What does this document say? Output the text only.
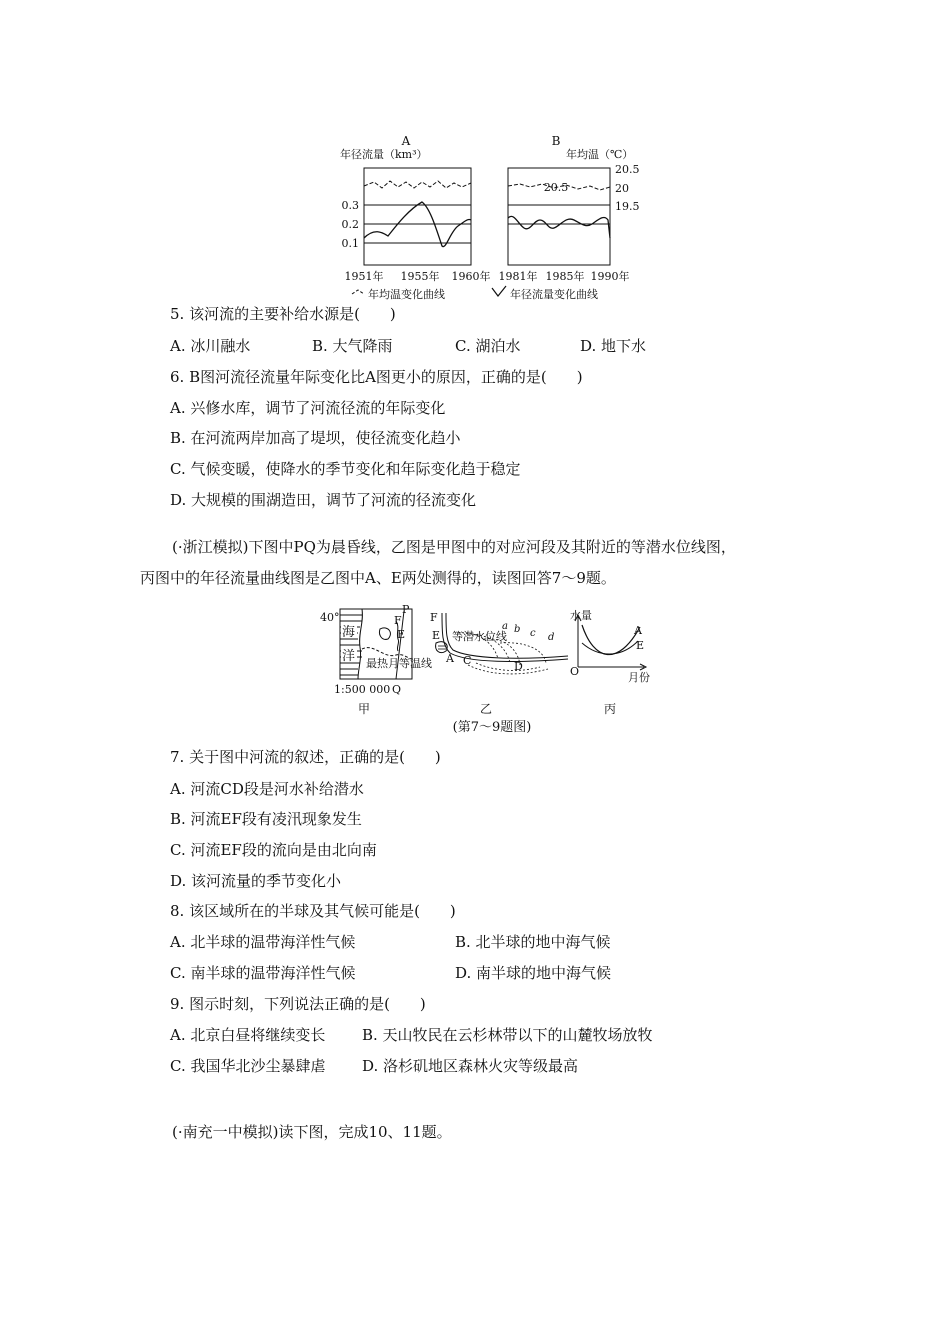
A
年径流量（km³）
0.3
0.2
0.1
1951年 1955年 1960年
B
年均温（℃）
20.5
20.5
20
19.5
1981年 1985年 1990年
年均温变化曲线	年径流量变化曲线
5. 该河流的主要补给水源是(　　)
A. 冰川融水	B. 大气降雨	C. 湖泊水	D. 地下水
6. B图河流径流量年际变化比A图更小的原因，正确的是(　　)
A. 兴修水库，调节了河流径流的年际变化
B. 在河流两岸加高了堤坝，使径流变化趋小
C. 气候变暖，使降水的季节变化和年际变化趋于稳定
D. 大规模的围湖造田，调节了河流的径流变化
(·浙江模拟)下图中PQ为晨昏线，乙图是甲图中的对应河段及其附近的等潜水位线图，
丙图中的年径流量曲线图是乙图中A、E两处测得的，读图回答7～9题。
40°
海
洋
P
F
E
最热月等温线
1:500 000 Q
甲
F
E
a b c d
等潜水位线
A C	D
乙
水量
O	月份
A
E
丙
(第7～9题图)
7. 关于图中河流的叙述，正确的是(　　)
A. 河流CD段是河水补给潜水
B. 河流EF段有凌汛现象发生
C. 河流EF段的流向是由北向南
D. 该河流量的季节变化小
8. 该区域所在的半球及其气候可能是(　　)
A. 北半球的温带海洋性气候	B. 北半球的地中海气候
C. 南半球的温带海洋性气候	D. 南半球的地中海气候
9. 图示时刻，下列说法正确的是(　　)
A. 北京白昼将继续变长 B. 天山牧民在云杉林带以下的山麓牧场放牧
C. 我国华北沙尘暴肆虐 D. 洛杉矶地区森林火灾等级最高
(·南充一中模拟)读下图，完成10、11题。
